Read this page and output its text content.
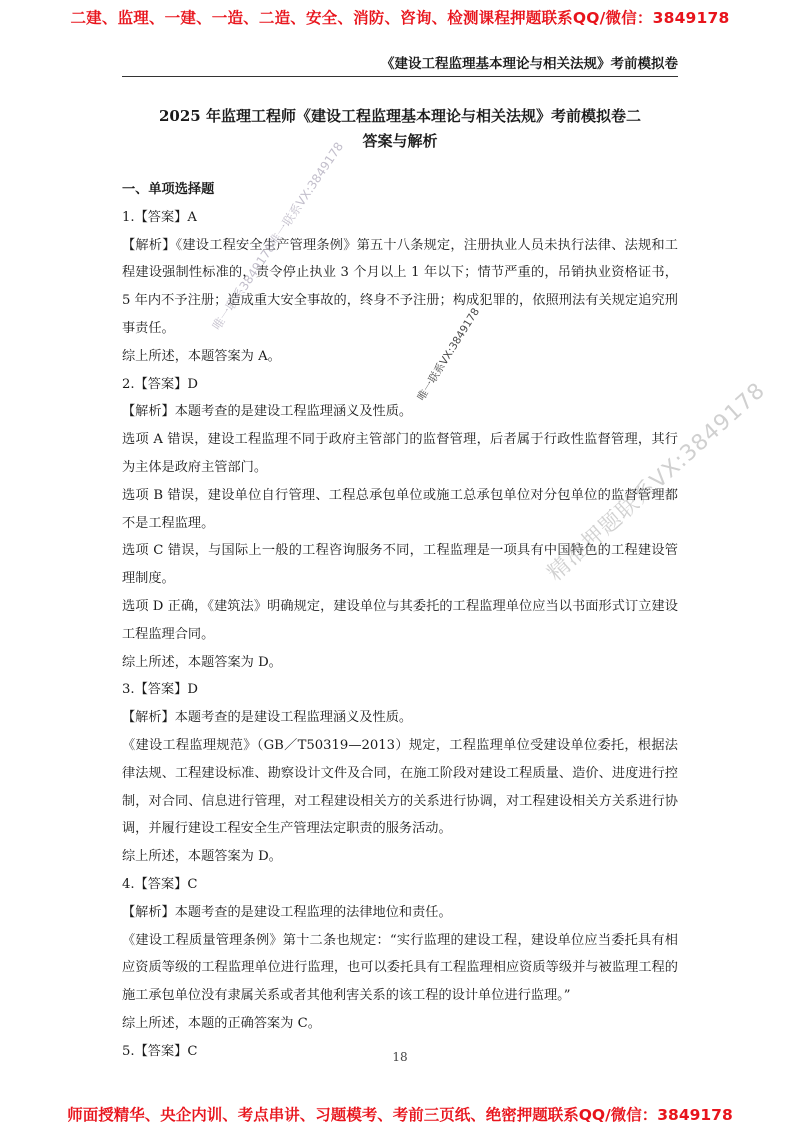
二建、监理、一建、一造、二造、安全、消防、咨询、检测课程押题联系QQ/微信：3849178
《建设工程监理基本理论与相关法规》考前模拟卷
2025 年监理工程师《建设工程监理基本理论与相关法规》考前模拟卷二
答案与解析

一、单项选择题

1.【答案】A

【解析】《建设工程安全生产管理条例》第五十八条规定，注册执业人员未执行法律、法规和工程建设强制性标准的，责令停止执业 3 个月以上 1 年以下；情节严重的，吊销执业资格证书，5 年内不予注册；造成重大安全事故的，终身不予注册；构成犯罪的，依照刑法有关规定追究刑事责任。

综上所述，本题答案为 A。

2.【答案】D

【解析】本题考查的是建设工程监理涵义及性质。

选项 A 错误，建设工程监理不同于政府主管部门的监督管理，后者属于行政性监督管理，其行为主体是政府主管部门。

选项 B 错误，建设单位自行管理、工程总承包单位或施工总承包单位对分包单位的监督管理都不是工程监理。

选项 C 错误，与国际上一般的工程咨询服务不同，工程监理是一项具有中国特色的工程建设管理制度。

选项 D 正确，《建筑法》明确规定，建设单位与其委托的工程监理单位应当以书面形式订立建设工程监理合同。

综上所述，本题答案为 D。

3.【答案】D

【解析】本题考查的是建设工程监理涵义及性质。

《建设工程监理规范》（GB／T50319—2013）规定，工程监理单位受建设单位委托，根据法律法规、工程建设标准、勘察设计文件及合同，在施工阶段对建设工程质量、造价、进度进行控制，对合同、信息进行管理，对工程建设相关方的关系进行协调，对工程建设相关方关系进行协调，并履行建设工程安全生产管理法定职责的服务活动。

综上所述，本题答案为 D。

4.【答案】C

【解析】本题考查的是建设工程监理的法律地位和责任。

《建设工程质量管理条例》第十二条也规定：“实行监理的建设工程，建设单位应当委托具有相应资质等级的工程监理单位进行监理，也可以委托具有工程监理相应资质等级并与被监理工程的施工承包单位没有隶属关系或者其他利害关系的该工程的设计单位进行监理。”

综上所述，本题的正确答案为 C。

5.【答案】C

唯一联系3849178唯一联系VX:3849178
唯一联系VX:3849178
精准押题联系VX:3849178
18
师面授精华、央企内训、考点串讲、习题模考、考前三页纸、绝密押题联系QQ/微信：3849178
